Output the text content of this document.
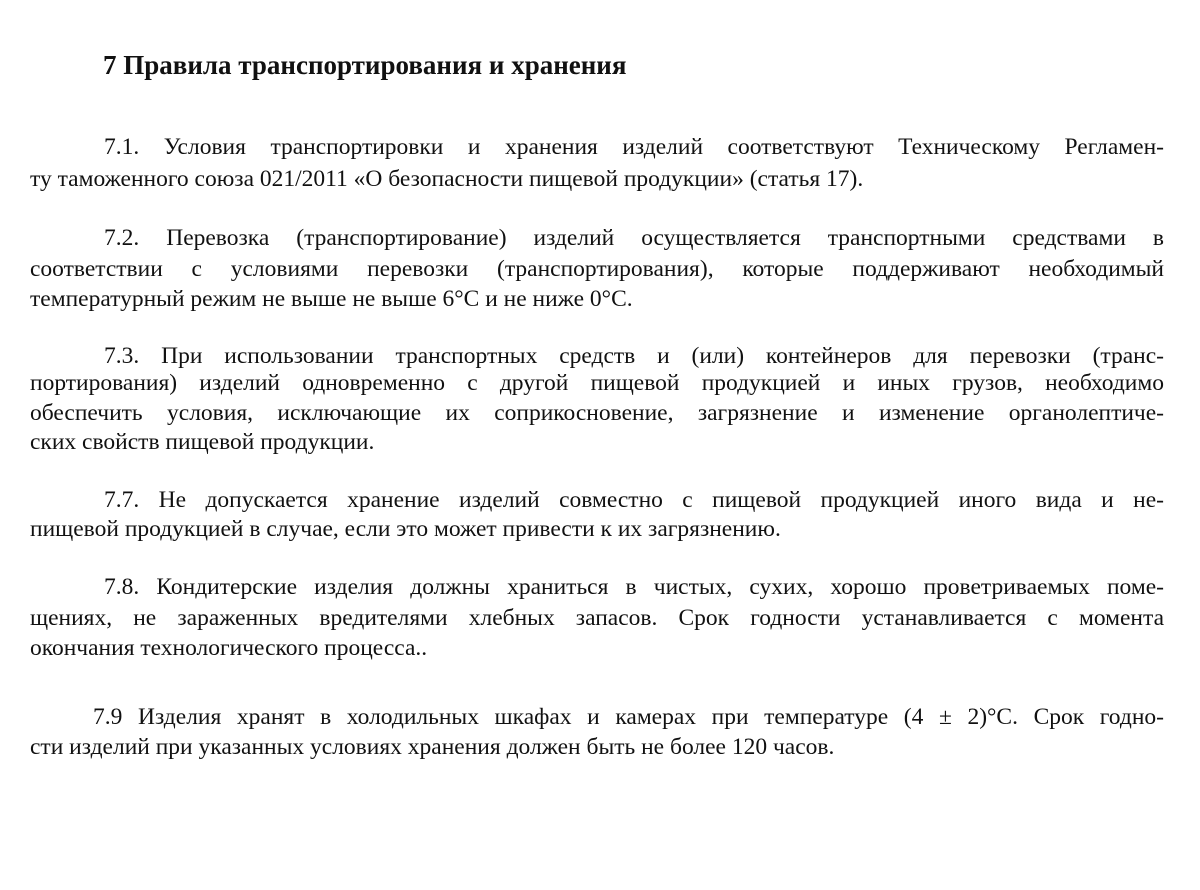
7 Правила транспортирования и хранения

7.1. Условия транспортировки и хранения изделий соответствуют Техническому Регламен-

ту таможенного союза 021/2011 «О безопасности пищевой продукции» (статья 17).

7.2. Перевозка (транспортирование) изделий осуществляется транспортными средствами в

соответствии с условиями перевозки (транспортирования), которые поддерживают необходимый

температурный режим не выше не выше 6°С и не ниже 0°С.

7.3. При использовании транспортных средств и (или) контейнеров для перевозки (транс-

портирования) изделий одновременно с другой пищевой продукцией и иных грузов, необходимо

обеспечить условия, исключающие их соприкосновение, загрязнение и изменение органолептиче-

ских свойств пищевой продукции.

7.7. Не допускается хранение изделий совместно с пищевой продукцией иного вида и не-

пищевой продукцией в случае, если это может привести к их загрязнению.

7.8. Кондитерские изделия должны храниться в чистых, сухих, хорошо проветриваемых поме-

щениях, не зараженных вредителями хлебных запасов. Срок годности устанавливается с момента

окончания технологического процесса..

7.9 Изделия хранят в холодильных шкафах и камерах при температуре (4 ± 2)°С. Срок годно-

сти изделий при указанных условиях хранения должен быть не более 120 часов.
